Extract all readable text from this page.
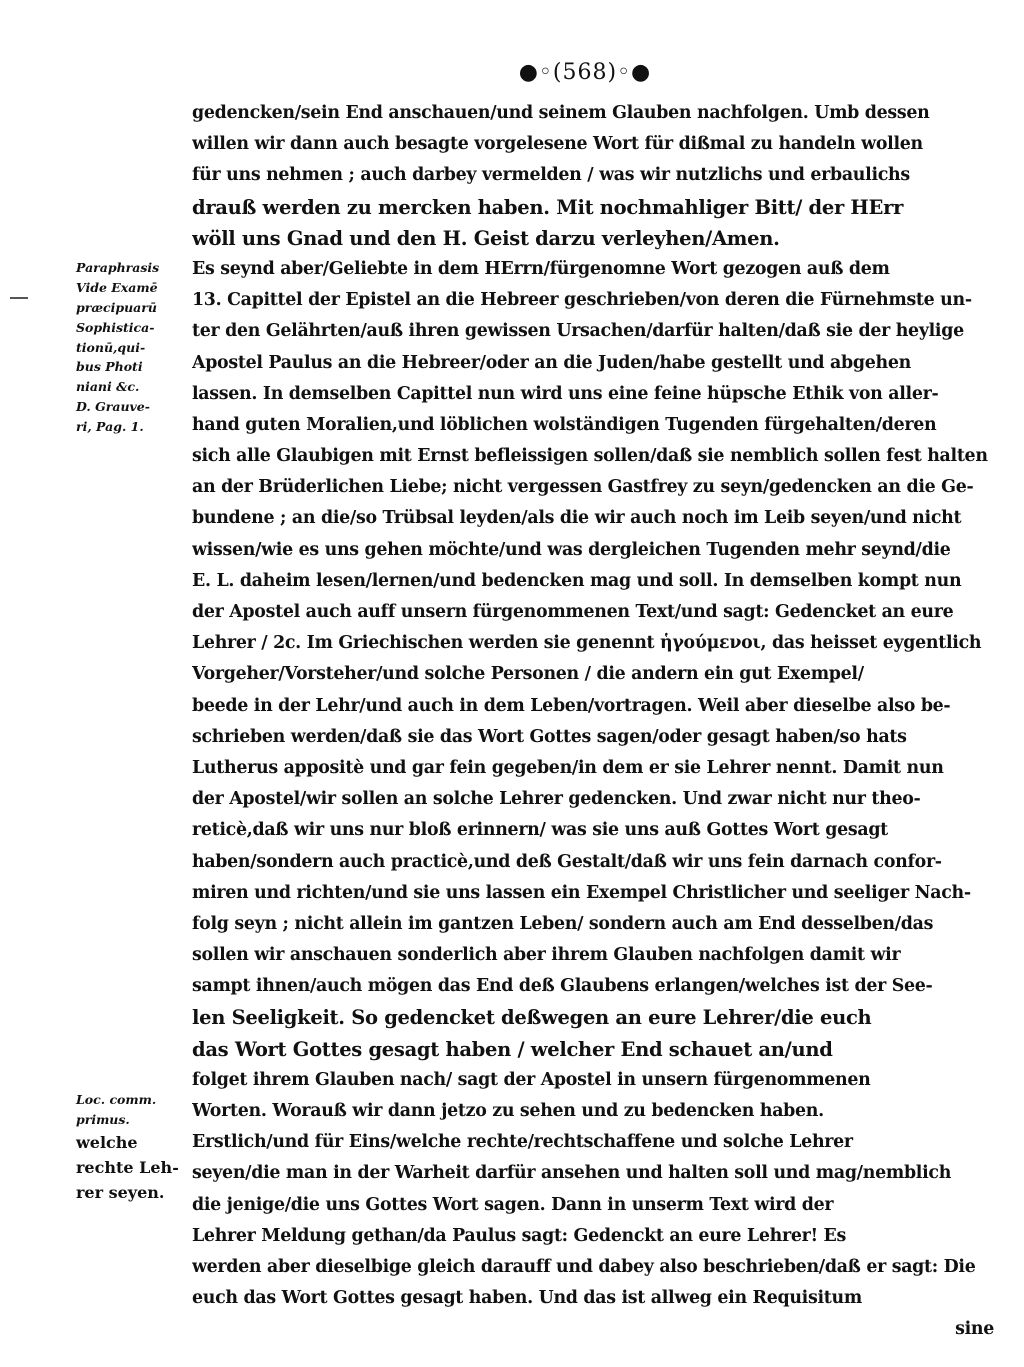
●◦(568)◦●
Paraphrasis
Vide Examē
præcipuarū
Sophistica-
tionū,qui-
bus Photi
niani &c.
D. Grauve-
ri, Pag. 1.
Loc. comm.
primus.
welche
rechte Leh-
rer seyen.
gedencken/sein End anschauen/und seinem Glauben nachfolgen. Umb dessen
willen wir dann auch besagte vorgelesene Wort für dißmal zu handeln wollen
für uns nehmen ; auch darbey vermelden / was wir nutzlichs und erbaulichs
drauß werden zu mercken haben. Mit nochmahliger Bitt/ der HErr
wöll uns Gnad und den H. Geist darzu verleyhen/Amen.
Es seynd aber/Geliebte in dem HErrn/fürgenomne Wort gezogen auß dem
13. Capittel der Epistel an die Hebreer geschrieben/von deren die Fürnehmste un-
ter den Gelährten/auß ihren gewissen Ursachen/darfür halten/daß sie der heylige
Apostel Paulus an die Hebreer/oder an die Juden/habe gestellt und abgehen
lassen. In demselben Capittel nun wird uns eine feine hüpsche Ethik von aller-
hand guten Moralien,und löblichen wolständigen Tugenden fürgehalten/deren
sich alle Glaubigen mit Ernst befleissigen sollen/daß sie nemblich sollen fest halten
an der Brüderlichen Liebe; nicht vergessen Gastfrey zu seyn/gedencken an die Ge-
bundene ; an die/so Trübsal leyden/als die wir auch noch im Leib seyen/und nicht
wissen/wie es uns gehen möchte/und was dergleichen Tugenden mehr seynd/die
E. L. daheim lesen/lernen/und bedencken mag und soll. In demselben kompt nun
der Apostel auch auff unsern fürgenommenen Text/und sagt: Gedencket an eure
Lehrer / 2c. Im Griechischen werden sie genennt ἡγούμενοι, das heisset eygentlich
Vorgeher/Vorsteher/und solche Personen / die andern ein gut Exempel/
beede in der Lehr/und auch in dem Leben/vortragen. Weil aber dieselbe also be-
schrieben werden/daß sie das Wort Gottes sagen/oder gesagt haben/so hats
Lutherus appositè und gar fein gegeben/in dem er sie Lehrer nennt. Damit nun
der Apostel/wir sollen an solche Lehrer gedencken. Und zwar nicht nur theo-
reticè,daß wir uns nur bloß erinnern/ was sie uns auß Gottes Wort gesagt
haben/sondern auch practicè,und deß Gestalt/daß wir uns fein darnach confor-
miren und richten/und sie uns lassen ein Exempel Christlicher und seeliger Nach-
folg seyn ; nicht allein im gantzen Leben/ sondern auch am End desselben/das
sollen wir anschauen sonderlich aber ihrem Glauben nachfolgen damit wir
sampt ihnen/auch mögen das End deß Glaubens erlangen/welches ist der See-
len Seeligkeit. So gedencket deßwegen an eure Lehrer/die euch
das Wort Gottes gesagt haben / welcher End schauet an/und
folget ihrem Glauben nach/ sagt der Apostel in unsern fürgenommenen
Worten. Worauß wir dann jetzo zu sehen und zu bedencken haben.
Erstlich/und für Eins/welche rechte/rechtschaffene und solche Lehrer
seyen/die man in der Warheit darfür ansehen und halten soll und mag/nemblich
die jenige/die uns Gottes Wort sagen. Dann in unserm Text wird der
Lehrer Meldung gethan/da Paulus sagt: Gedenckt an eure Lehrer! Es
werden aber dieselbige gleich darauff und dabey also beschrieben/daß er sagt: Die
euch das Wort Gottes gesagt haben. Und das ist allweg ein Requisitum
sine
